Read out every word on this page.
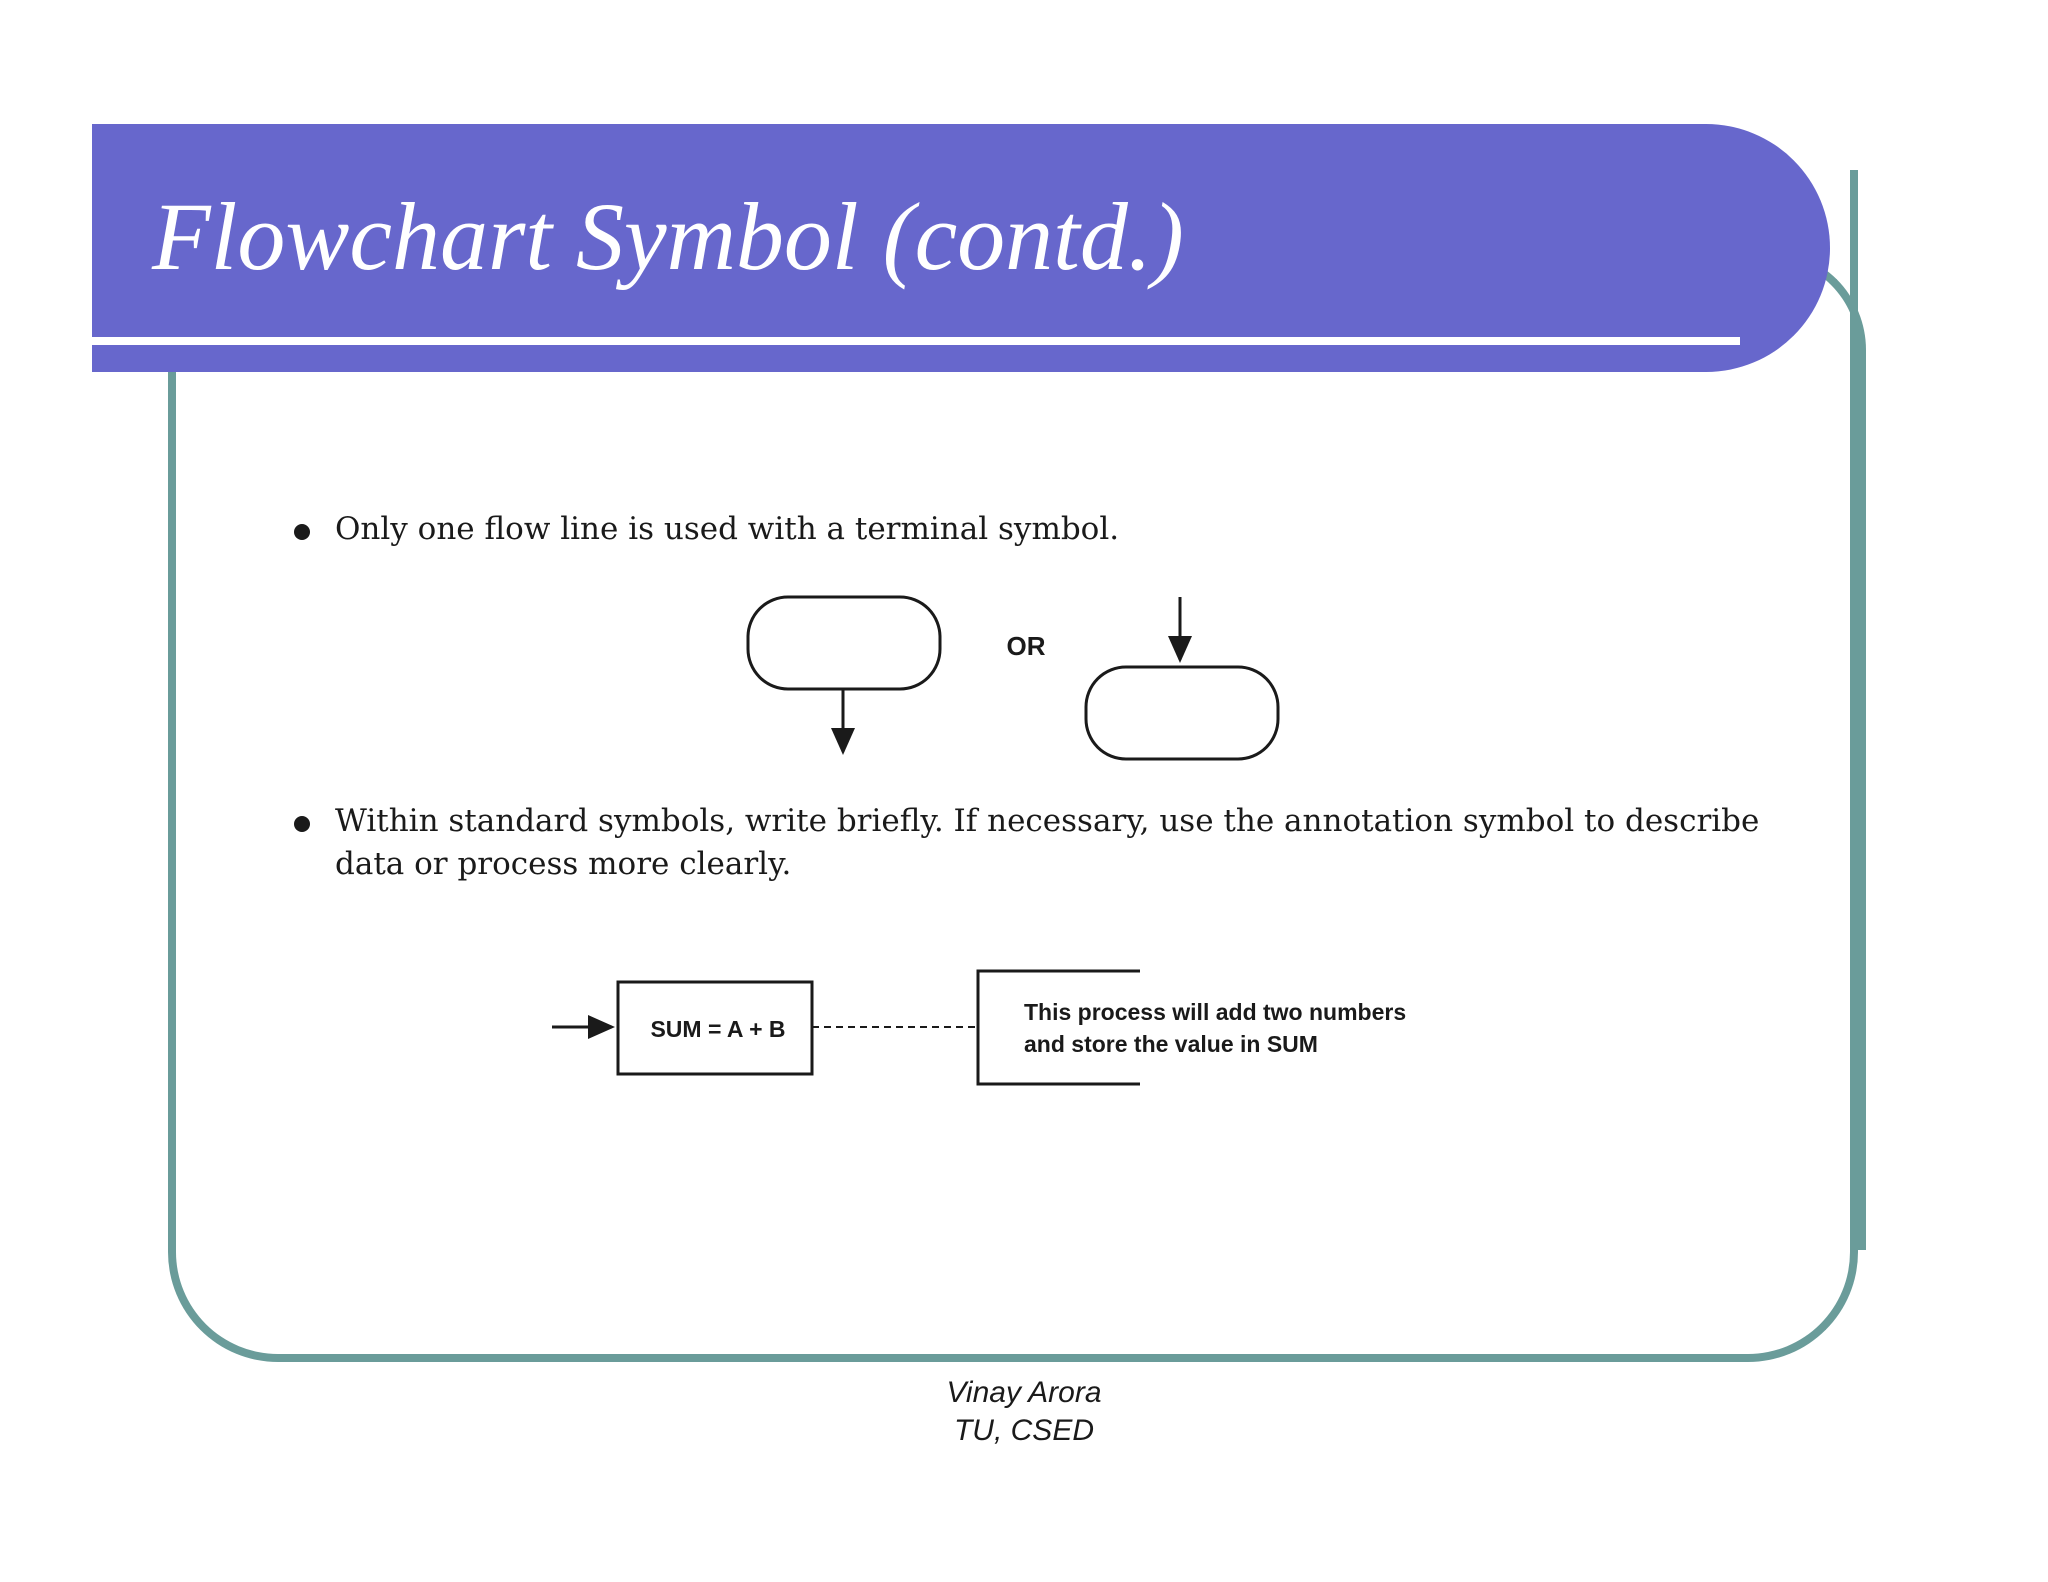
Flowchart Symbol (contd.)
Only one flow line is used with a terminal symbol.
Within standard symbols, write briefly. If necessary, use the annotation symbol to describe
data or process more clearly.
OR
SUM = A + B
This process will add two numbers
and store the value in SUM
Vinay Arora
TU, CSED
